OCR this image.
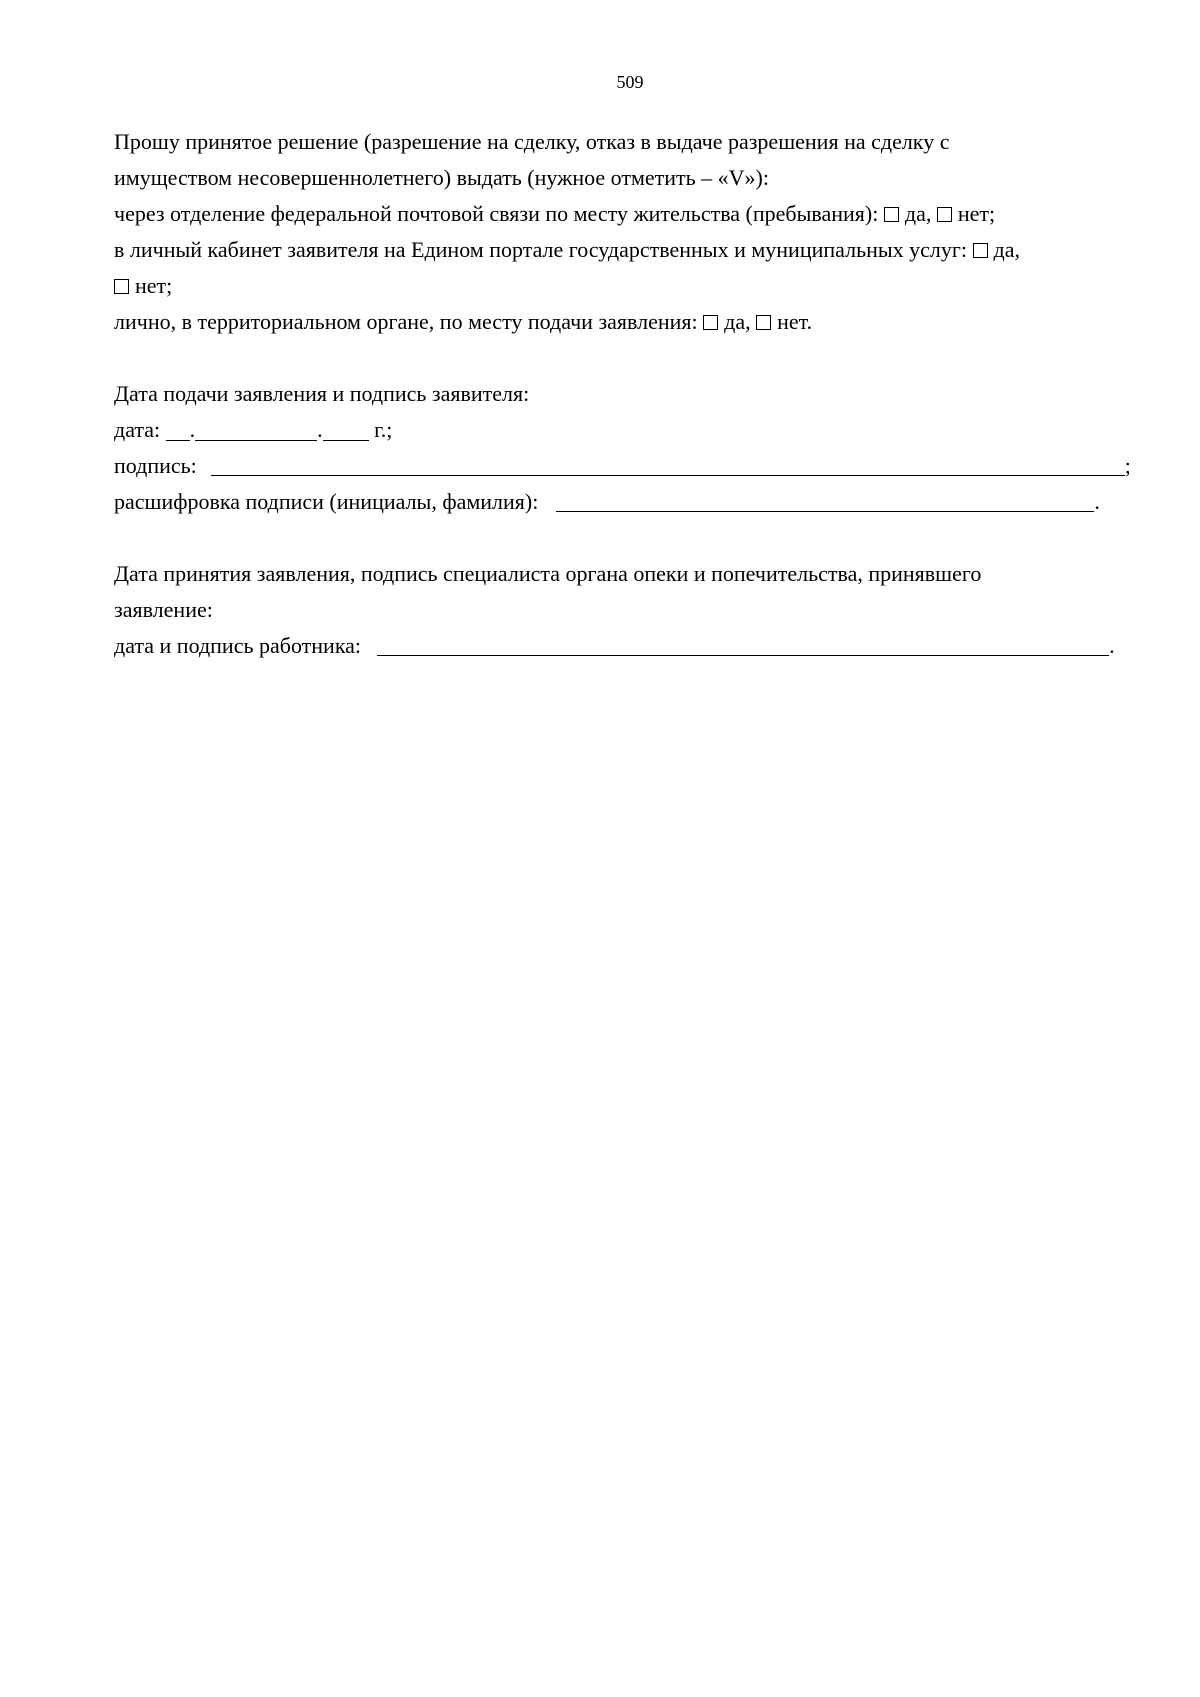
509
Прошу принятое решение (разрешение на сделку, отказ в выдаче разрешения на сделку с
имуществом несовершеннолетнего) выдать (нужное отметить – «V»):
через отделение федеральной почтовой связи по месту жительства (пребывания): да, нет;
в личный кабинет заявителя на Едином портале государственных и муниципальных услуг: да,
нет;
лично, в территориальном органе, по месту подачи заявления: да, нет.
Дата подачи заявления и подпись заявителя:
дата: .	. г.;
подпись:	;
расшифровка подписи (инициалы, фамилия):	.
Дата принятия заявления, подпись специалиста органа опеки и попечительства, принявшего
заявление:
дата и подпись работника:	.
